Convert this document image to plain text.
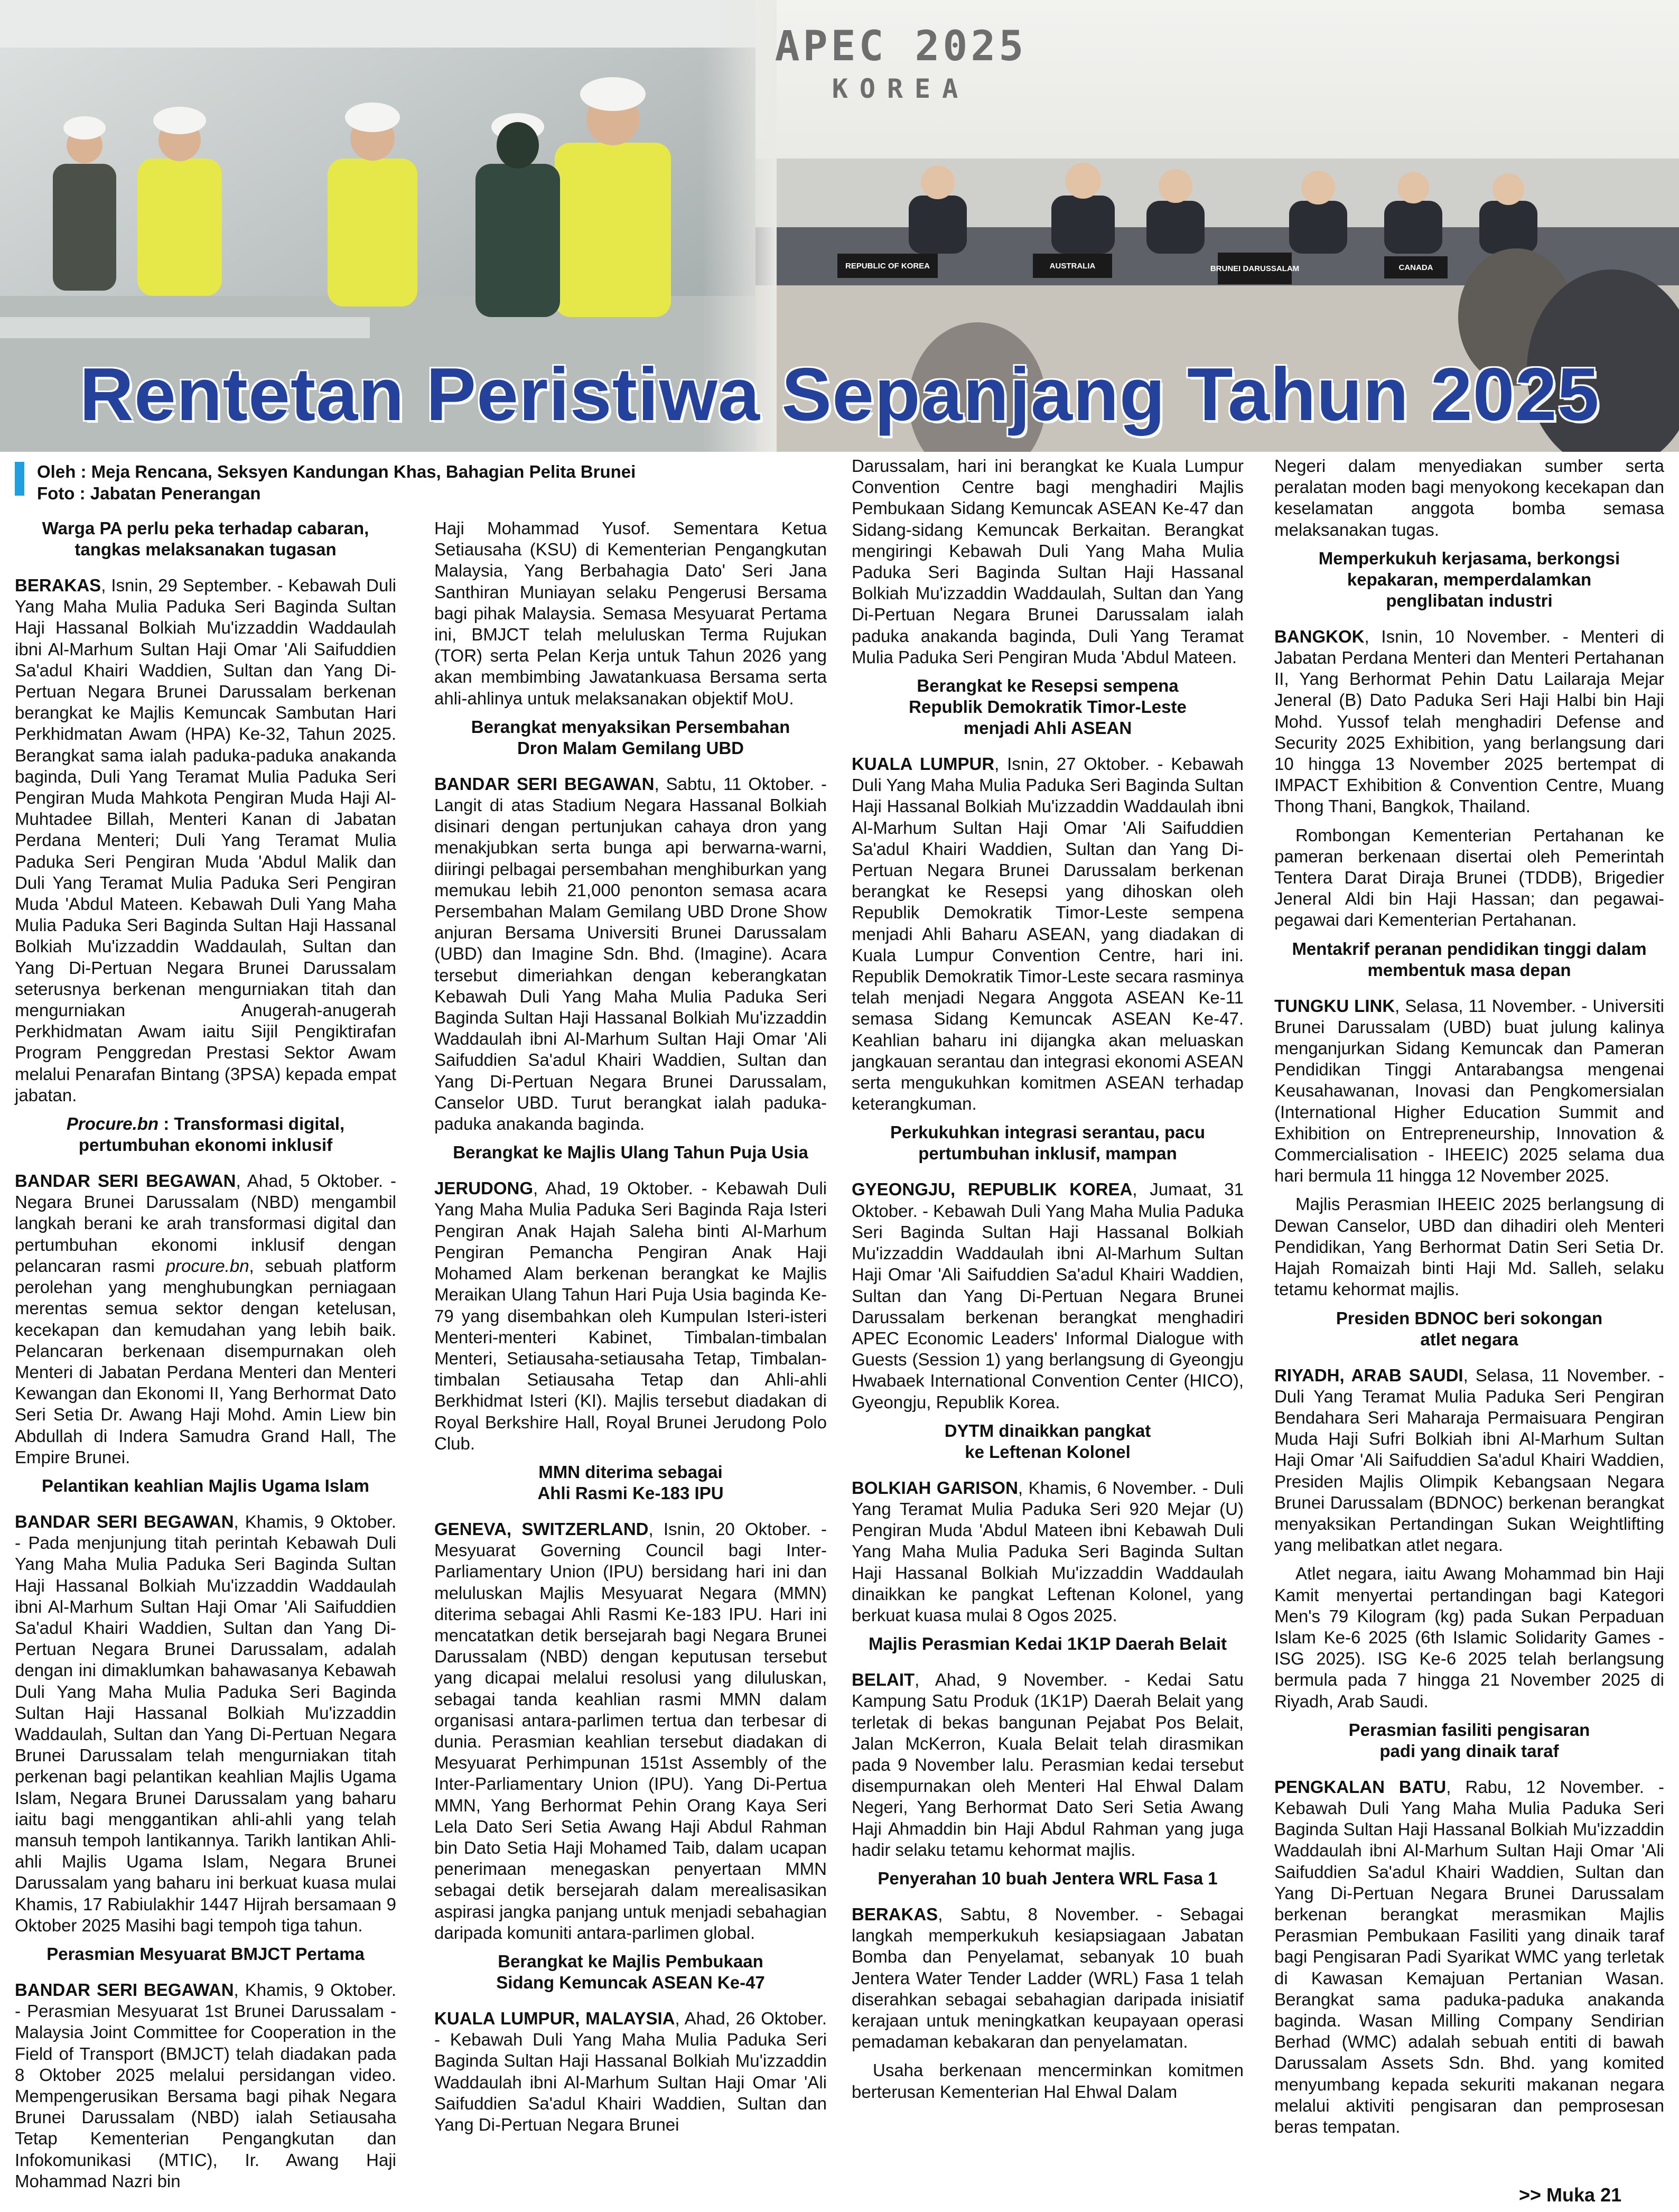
REPUBLIC OF KOREA	AUSTRALIA	BRUNEI DARUSSALAM	CANADA
APEC 2025
KOREA
Rentetan Peristiwa Sepanjang Tahun 2025
Oleh : Meja Rencana, Seksyen Kandungan Khas, Bahagian Pelita Brunei
Foto : Jabatan Penerangan
Warga PA perlu peka terhadap cabaran,
tangkas melaksanakan tugasan

BERAKAS, Isnin, 29 September. - Kebawah Duli Yang Maha Mulia Paduka Seri Baginda Sultan Haji Hassanal Bolkiah Mu'izzaddin Waddaulah ibni Al-Marhum Sultan Haji Omar 'Ali Saifuddien Sa'adul Khairi Waddien, Sultan dan Yang Di-Pertuan Negara Brunei Darussalam berkenan berangkat ke Majlis Kemuncak Sambutan Hari Perkhidmatan Awam (HPA) Ke-32, Tahun 2025. Berangkat sama ialah paduka-paduka anakanda baginda, Duli Yang Teramat Mulia Paduka Seri Pengiran Muda Mahkota Pengiran Muda Haji Al-Muhtadee Billah, Menteri Kanan di Jabatan Perdana Menteri; Duli Yang Teramat Mulia Paduka Seri Pengiran Muda 'Abdul Malik dan Duli Yang Teramat Mulia Paduka Seri Pengiran Muda 'Abdul Mateen. Kebawah Duli Yang Maha Mulia Paduka Seri Baginda Sultan Haji Hassanal Bolkiah Mu'izzaddin Waddaulah, Sultan dan Yang Di-Pertuan Negara Brunei Darussalam seterusnya berkenan mengurniakan titah dan mengurniakan Anugerah-anugerah Perkhidmatan Awam iaitu Sijil Pengiktirafan Program Penggredan Prestasi Sektor Awam melalui Penarafan Bintang (3PSA) kepada empat jabatan.

Procure.bn : Transformasi digital,
pertumbuhan ekonomi inklusif

BANDAR SERI BEGAWAN, Ahad, 5 Oktober. - Negara Brunei Darussalam (NBD) mengambil langkah berani ke arah transformasi digital dan pertumbuhan ekonomi inklusif dengan pelancaran rasmi procure.bn, sebuah platform perolehan yang menghubungkan perniagaan merentas semua sektor dengan ketelusan, kecekapan dan kemudahan yang lebih baik. Pelancaran berkenaan disempurnakan oleh Menteri di Jabatan Perdana Menteri dan Menteri Kewangan dan Ekonomi II, Yang Berhormat Dato Seri Setia Dr. Awang Haji Mohd. Amin Liew bin Abdullah di Indera Samudra Grand Hall, The Empire Brunei.

Pelantikan keahlian Majlis Ugama Islam

BANDAR SERI BEGAWAN, Khamis, 9 Oktober. - Pada menjunjung titah perintah Kebawah Duli Yang Maha Mulia Paduka Seri Baginda Sultan Haji Hassanal Bolkiah Mu'izzaddin Waddaulah ibni Al-Marhum Sultan Haji Omar 'Ali Saifuddien Sa'adul Khairi Waddien, Sultan dan Yang Di-Pertuan Negara Brunei Darussalam, adalah dengan ini dimaklumkan bahawasanya Kebawah Duli Yang Maha Mulia Paduka Seri Baginda Sultan Haji Hassanal Bolkiah Mu'izzaddin Waddaulah, Sultan dan Yang Di-Pertuan Negara Brunei Darussalam telah mengurniakan titah perkenan bagi pelantikan keahlian Majlis Ugama Islam, Negara Brunei Darussalam yang baharu iaitu bagi menggantikan ahli-ahli yang telah mansuh tempoh lantikannya. Tarikh lantikan Ahli-ahli Majlis Ugama Islam, Negara Brunei Darussalam yang baharu ini berkuat kuasa mulai Khamis, 17 Rabiulakhir 1447 Hijrah bersamaan 9 Oktober 2025 Masihi bagi tempoh tiga tahun.

Perasmian Mesyuarat BMJCT Pertama

BANDAR SERI BEGAWAN, Khamis, 9 Oktober. - Perasmian Mesyuarat 1st Brunei Darussalam - Malaysia Joint Committee for Cooperation in the Field of Transport (BMJCT) telah diadakan pada 8 Oktober 2025 melalui persidangan video. Mempengerusikan Bersama bagi pihak Negara Brunei Darussalam (NBD) ialah Setiausaha Tetap Kementerian Pengangkutan dan Infokomunikasi (MTIC), Ir. Awang Haji Mohammad Nazri bin

Haji Mohammad Yusof. Sementara Ketua Setiausaha (KSU) di Kementerian Pengangkutan Malaysia, Yang Berbahagia Dato' Seri Jana Santhiran Muniayan selaku Pengerusi Bersama bagi pihak Malaysia. Semasa Mesyuarat Pertama ini, BMJCT telah meluluskan Terma Rujukan (TOR) serta Pelan Kerja untuk Tahun 2026 yang akan membimbing Jawatankuasa Bersama serta ahli-ahlinya untuk melaksanakan objektif MoU.

Berangkat menyaksikan Persembahan
Dron Malam Gemilang UBD

BANDAR SERI BEGAWAN, Sabtu, 11 Oktober. - Langit di atas Stadium Negara Hassanal Bolkiah disinari dengan pertunjukan cahaya dron yang menakjubkan serta bunga api berwarna-warni, diiringi pelbagai persembahan menghiburkan yang memukau lebih 21,000 penonton semasa acara Persembahan Malam Gemilang UBD Drone Show anjuran Bersama Universiti Brunei Darussalam (UBD) dan Imagine Sdn. Bhd. (Imagine). Acara tersebut dimeriahkan dengan keberangkatan Kebawah Duli Yang Maha Mulia Paduka Seri Baginda Sultan Haji Hassanal Bolkiah Mu'izzaddin Waddaulah ibni Al-Marhum Sultan Haji Omar 'Ali Saifuddien Sa'adul Khairi Waddien, Sultan dan Yang Di-Pertuan Negara Brunei Darussalam, Canselor UBD. Turut berangkat ialah paduka-paduka anakanda baginda.

Berangkat ke Majlis Ulang Tahun Puja Usia

JERUDONG, Ahad, 19 Oktober. - Kebawah Duli Yang Maha Mulia Paduka Seri Baginda Raja Isteri Pengiran Anak Hajah Saleha binti Al-Marhum Pengiran Pemancha Pengiran Anak Haji Mohamed Alam berkenan berangkat ke Majlis Meraikan Ulang Tahun Hari Puja Usia baginda Ke-79 yang disembahkan oleh Kumpulan Isteri-isteri Menteri-menteri Kabinet, Timbalan-timbalan Menteri, Setiausaha-setiausaha Tetap, Timbalan-timbalan Setiausaha Tetap dan Ahli-ahli Berkhidmat Isteri (KI). Majlis tersebut diadakan di Royal Berkshire Hall, Royal Brunei Jerudong Polo Club.

MMN diterima sebagai
Ahli Rasmi Ke-183 IPU

GENEVA, SWITZERLAND, Isnin, 20 Oktober. - Mesyuarat Governing Council bagi Inter-Parliamentary Union (IPU) bersidang hari ini dan meluluskan Majlis Mesyuarat Negara (MMN) diterima sebagai Ahli Rasmi Ke-183 IPU. Hari ini mencatatkan detik bersejarah bagi Negara Brunei Darussalam (NBD) dengan keputusan tersebut yang dicapai melalui resolusi yang diluluskan, sebagai tanda keahlian rasmi MMN dalam organisasi antara-parlimen tertua dan terbesar di dunia. Perasmian keahlian tersebut diadakan di Mesyuarat Perhimpunan 151st Assembly of the Inter-Parliamentary Union (IPU). Yang Di-Pertua MMN, Yang Berhormat Pehin Orang Kaya Seri Lela Dato Seri Setia Awang Haji Abdul Rahman bin Dato Setia Haji Mohamed Taib, dalam ucapan penerimaan menegaskan penyertaan MMN sebagai detik bersejarah dalam merealisasikan aspirasi jangka panjang untuk menjadi sebahagian daripada komuniti antara-parlimen global.

Berangkat ke Majlis Pembukaan
Sidang Kemuncak ASEAN Ke-47

KUALA LUMPUR, MALAYSIA, Ahad, 26 Oktober. - Kebawah Duli Yang Maha Mulia Paduka Seri Baginda Sultan Haji Hassanal Bolkiah Mu'izzaddin Waddaulah ibni Al-Marhum Sultan Haji Omar 'Ali Saifuddien Sa'adul Khairi Waddien, Sultan dan Yang Di-Pertuan Negara Brunei

Darussalam, hari ini berangkat ke Kuala Lumpur Convention Centre bagi menghadiri Majlis Pembukaan Sidang Kemuncak ASEAN Ke-47 dan Sidang-sidang Kemuncak Berkaitan. Berangkat mengiringi Kebawah Duli Yang Maha Mulia Paduka Seri Baginda Sultan Haji Hassanal Bolkiah Mu'izzaddin Waddaulah, Sultan dan Yang Di-Pertuan Negara Brunei Darussalam ialah paduka anakanda baginda, Duli Yang Teramat Mulia Paduka Seri Pengiran Muda 'Abdul Mateen.

Berangkat ke Resepsi sempena
Republik Demokratik Timor-Leste
menjadi Ahli ASEAN

KUALA LUMPUR, Isnin, 27 Oktober. - Kebawah Duli Yang Maha Mulia Paduka Seri Baginda Sultan Haji Hassanal Bolkiah Mu'izzaddin Waddaulah ibni Al-Marhum Sultan Haji Omar 'Ali Saifuddien Sa'adul Khairi Waddien, Sultan dan Yang Di-Pertuan Negara Brunei Darussalam berkenan berangkat ke Resepsi yang dihoskan oleh Republik Demokratik Timor-Leste sempena menjadi Ahli Baharu ASEAN, yang diadakan di Kuala Lumpur Convention Centre, hari ini. Republik Demokratik Timor-Leste secara rasminya telah menjadi Negara Anggota ASEAN Ke-11 semasa Sidang Kemuncak ASEAN Ke-47. Keahlian baharu ini dijangka akan meluaskan jangkauan serantau dan integrasi ekonomi ASEAN serta mengukuhkan komitmen ASEAN terhadap keterangkuman.

Perkukuhkan integrasi serantau, pacu
pertumbuhan inklusif, mampan

GYEONGJU, REPUBLIK KOREA, Jumaat, 31 Oktober. - Kebawah Duli Yang Maha Mulia Paduka Seri Baginda Sultan Haji Hassanal Bolkiah Mu'izzaddin Waddaulah ibni Al-Marhum Sultan Haji Omar 'Ali Saifuddien Sa'adul Khairi Waddien, Sultan dan Yang Di-Pertuan Negara Brunei Darussalam berkenan berangkat menghadiri APEC Economic Leaders' Informal Dialogue with Guests (Session 1) yang berlangsung di Gyeongju Hwabaek International Convention Center (HICO), Gyeongju, Republik Korea.

DYTM dinaikkan pangkat
ke Leftenan Kolonel

BOLKIAH GARISON, Khamis, 6 November. - Duli Yang Teramat Mulia Paduka Seri 920 Mejar (U) Pengiran Muda 'Abdul Mateen ibni Kebawah Duli Yang Maha Mulia Paduka Seri Baginda Sultan Haji Hassanal Bolkiah Mu'izzaddin Waddaulah dinaikkan ke pangkat Leftenan Kolonel, yang berkuat kuasa mulai 8 Ogos 2025.

Majlis Perasmian Kedai 1K1P Daerah Belait

BELAIT, Ahad, 9 November. - Kedai Satu Kampung Satu Produk (1K1P) Daerah Belait yang terletak di bekas bangunan Pejabat Pos Belait, Jalan McKerron, Kuala Belait telah dirasmikan pada 9 November lalu. Perasmian kedai tersebut disempurnakan oleh Menteri Hal Ehwal Dalam Negeri, Yang Berhormat Dato Seri Setia Awang Haji Ahmaddin bin Haji Abdul Rahman yang juga hadir selaku tetamu kehormat majlis.

Penyerahan 10 buah Jentera WRL Fasa 1

BERAKAS, Sabtu, 8 November. - Sebagai langkah memperkukuh kesiapsiagaan Jabatan Bomba dan Penyelamat, sebanyak 10 buah Jentera Water Tender Ladder (WRL) Fasa 1 telah diserahkan sebagai sebahagian daripada inisiatif kerajaan untuk meningkatkan keupayaan operasi pemadaman kebakaran dan penyelamatan.

Usaha berkenaan mencerminkan komitmen berterusan Kementerian Hal Ehwal Dalam

Negeri dalam menyediakan sumber serta peralatan moden bagi menyokong kecekapan dan keselamatan anggota bomba semasa melaksanakan tugas.

Memperkukuh kerjasama, berkongsi
kepakaran, memperdalamkan
penglibatan industri

BANGKOK, Isnin, 10 November. - Menteri di Jabatan Perdana Menteri dan Menteri Pertahanan II, Yang Berhormat Pehin Datu Lailaraja Mejar Jeneral (B) Dato Paduka Seri Haji Halbi bin Haji Mohd. Yussof telah menghadiri Defense and Security 2025 Exhibition, yang berlangsung dari 10 hingga 13 November 2025 bertempat di IMPACT Exhibition & Convention Centre, Muang Thong Thani, Bangkok, Thailand.

Rombongan Kementerian Pertahanan ke pameran berkenaan disertai oleh Pemerintah Tentera Darat Diraja Brunei (TDDB), Brigedier Jeneral Aldi bin Haji Hassan; dan pegawai-pegawai dari Kementerian Pertahanan.

Mentakrif peranan pendidikan tinggi dalam
membentuk masa depan

TUNGKU LINK, Selasa, 11 November. - Universiti Brunei Darussalam (UBD) buat julung kalinya menganjurkan Sidang Kemuncak dan Pameran Pendidikan Tinggi Antarabangsa mengenai Keusahawanan, Inovasi dan Pengkomersialan (International Higher Education Summit and Exhibition on Entrepreneurship, Innovation & Commercialisation - IHEEIC) 2025 selama dua hari bermula 11 hingga 12 November 2025.

Majlis Perasmian IHEEIC 2025 berlangsung di Dewan Canselor, UBD dan dihadiri oleh Menteri Pendidikan, Yang Berhormat Datin Seri Setia Dr. Hajah Romaizah binti Haji Md. Salleh, selaku tetamu kehormat majlis.

Presiden BDNOC beri sokongan
atlet negara

RIYADH, ARAB SAUDI, Selasa, 11 November. - Duli Yang Teramat Mulia Paduka Seri Pengiran Bendahara Seri Maharaja Permaisuara Pengiran Muda Haji Sufri Bolkiah ibni Al-Marhum Sultan Haji Omar 'Ali Saifuddien Sa'adul Khairi Waddien, Presiden Majlis Olimpik Kebangsaan Negara Brunei Darussalam (BDNOC) berkenan berangkat menyaksikan Pertandingan Sukan Weightlifting yang melibatkan atlet negara.

Atlet negara, iaitu Awang Mohammad bin Haji Kamit menyertai pertandingan bagi Kategori Men's 79 Kilogram (kg) pada Sukan Perpaduan Islam Ke-6 2025 (6th Islamic Solidarity Games - ISG 2025). ISG Ke-6 2025 telah berlangsung bermula pada 7 hingga 21 November 2025 di Riyadh, Arab Saudi.

Perasmian fasiliti pengisaran
padi yang dinaik taraf

PENGKALAN BATU, Rabu, 12 November. - Kebawah Duli Yang Maha Mulia Paduka Seri Baginda Sultan Haji Hassanal Bolkiah Mu'izzaddin Waddaulah ibni Al-Marhum Sultan Haji Omar 'Ali Saifuddien Sa'adul Khairi Waddien, Sultan dan Yang Di-Pertuan Negara Brunei Darussalam berkenan berangkat merasmikan Majlis Perasmian Pembukaan Fasiliti yang dinaik taraf bagi Pengisaran Padi Syarikat WMC yang terletak di Kawasan Kemajuan Pertanian Wasan. Berangkat sama paduka-paduka anakanda baginda. Wasan Milling Company Sendirian Berhad (WMC) adalah sebuah entiti di bawah Darussalam Assets Sdn. Bhd. yang komited menyumbang kepada sekuriti makanan negara melalui aktiviti pengisaran dan pemprosesan beras tempatan.

>> Muka 21
